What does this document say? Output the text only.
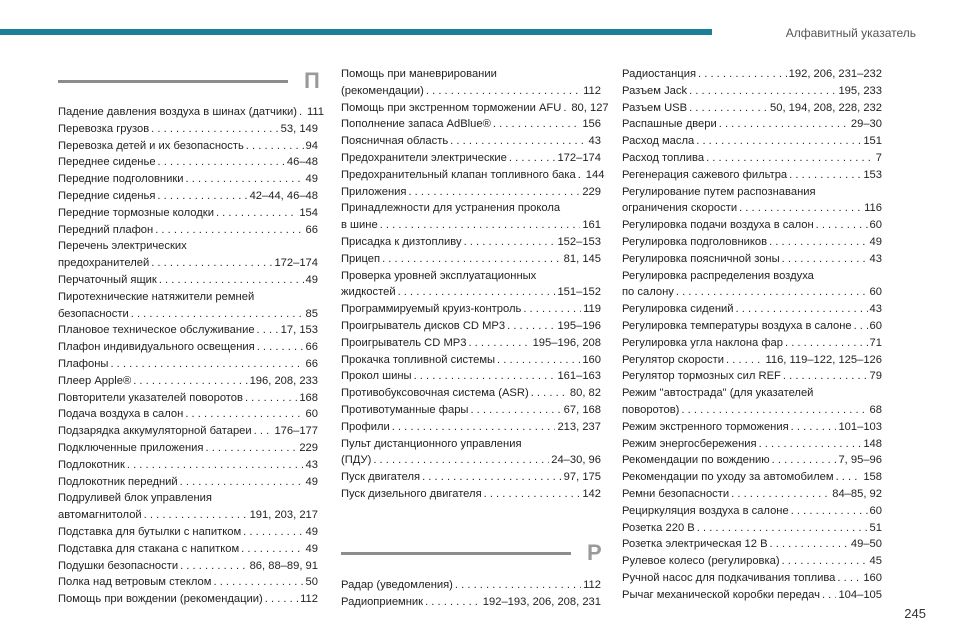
Алфавитный указатель
П
Падение давления воздуха в шинах (датчики) . . . 111
Перевозка грузов . . .	53, 149
Перевозка детей и их безопасность . . .	94
Переднее сиденье . . .	46–48
Передние подголовники . . .	49
Передние сиденья . . .	42–44, 46–48
Передние тормозные колодки . . .	154
Передний плафон . . .	66
Перечень электрических
предохранителей . . .	172–174
Перчаточный ящик . . .	49
Пиротехнические натяжители ремней
безопасности . . .	85
Плановое техническое обслуживание . . . 17, 153
Плафон индивидуального освещения . . .	66
Плафоны . . .	66
Плеер Apple® . . .	196, 208, 233
Повторители указателей поворотов . . .	168
Подача воздуха в салон . . .	60
Подзарядка аккумуляторной батареи . . . 176–177
Подключенные приложения . . .	229
Подлокотник . . .	43
Подлокотник передний . . .	49
Подруливей блок управления
автомагнитолой . . .	191, 203, 217
Подставка для бутылки с напитком . . .	49
Подставка для стакана с напитком . . .	49
Подушки безопасности . . .	86, 88–89, 91
Полка над ветровым стеклом . . .	50
Помощь при вождении (рекомендации) . . .	112
Помощь при маневрировании
(рекомендации) . . .	112
Помощь при экстренном торможении AFU . . . 80, 127
Пополнение запаса AdBlue® . . .	156
Поясничная область . . .	43
Предохранители электрические . . .	172–174
Предохранительный клапан топливного бака . . . 144
Приложения . . .	229
Принадлежности для устранения прокола
в шине . . .	161
Присадка к дизтопливу . . .	152–153
Прицеп . . .	81, 145
Проверка уровней эксплуатационных
жидкостей . . .	151–152
Программируемый круиз-контроль . . .	119
Проигрыватель дисков CD MP3 . . .	195–196
Проигрыватель CD MP3 . . .	195–196, 208
Прокачка топливной системы . . .	160
Прокол шины . . .	161–163
Противобуксовочная система (ASR) . . .	80, 82
Противотуманные фары . . .	67, 168
Профили . . .	213, 237
Пульт дистанционного управления
(ПДУ) . . .	24–30, 96
Пуск двигателя . . .	97, 175
Пуск дизельного двигателя . . .	142
Р
Радар (уведомления) . . .	112
Радиоприемник . . .	192–193, 206, 208, 231
Радиостанция . . .	192, 206, 231–232
Разъем Jack . . .	195, 233
Разъем USB . . .	50, 194, 208, 228, 232
Распашные двери . . .	29–30
Расход масла . . .	151
Расход топлива . . .	7
Регенерация сажевого фильтра . . .	153
Регулирование путем распознавания
ограничения скорости . . .	116
Регулировка подачи воздуха в салон . . .	60
Регулировка подголовников . . .	49
Регулировка поясничной зоны . . .	43
Регулировка распределения воздуха
по салону . . .	60
Регулировка сидений . . .	43
Регулировка температуры воздуха в салоне . . . 60
Регулировка угла наклона фар . . .	71
Регулятор скорости . . .	116, 119–122, 125–126
Регулятор тормозных сил REF . . .	79
Режим "автострада" (для указателей
поворотов) . . .	68
Режим экстренного торможения . . .	101–103
Режим энергосбережения . . .	148
Рекомендации по вождению . . .	7, 95–96
Рекомендации по уходу за автомобилем . . .	158
Ремни безопасности . . .	84–85, 92
Рециркуляция воздуха в салоне . . .	60
Розетка 220 В . . .	51
Розетка электрическая 12 В . . .	49–50
Рулевое колесо (регулировка) . . .	45
Ручной насос для подкачивания топлива . . . 160
Рычаг механической коробки передач . . . 104–105
245
